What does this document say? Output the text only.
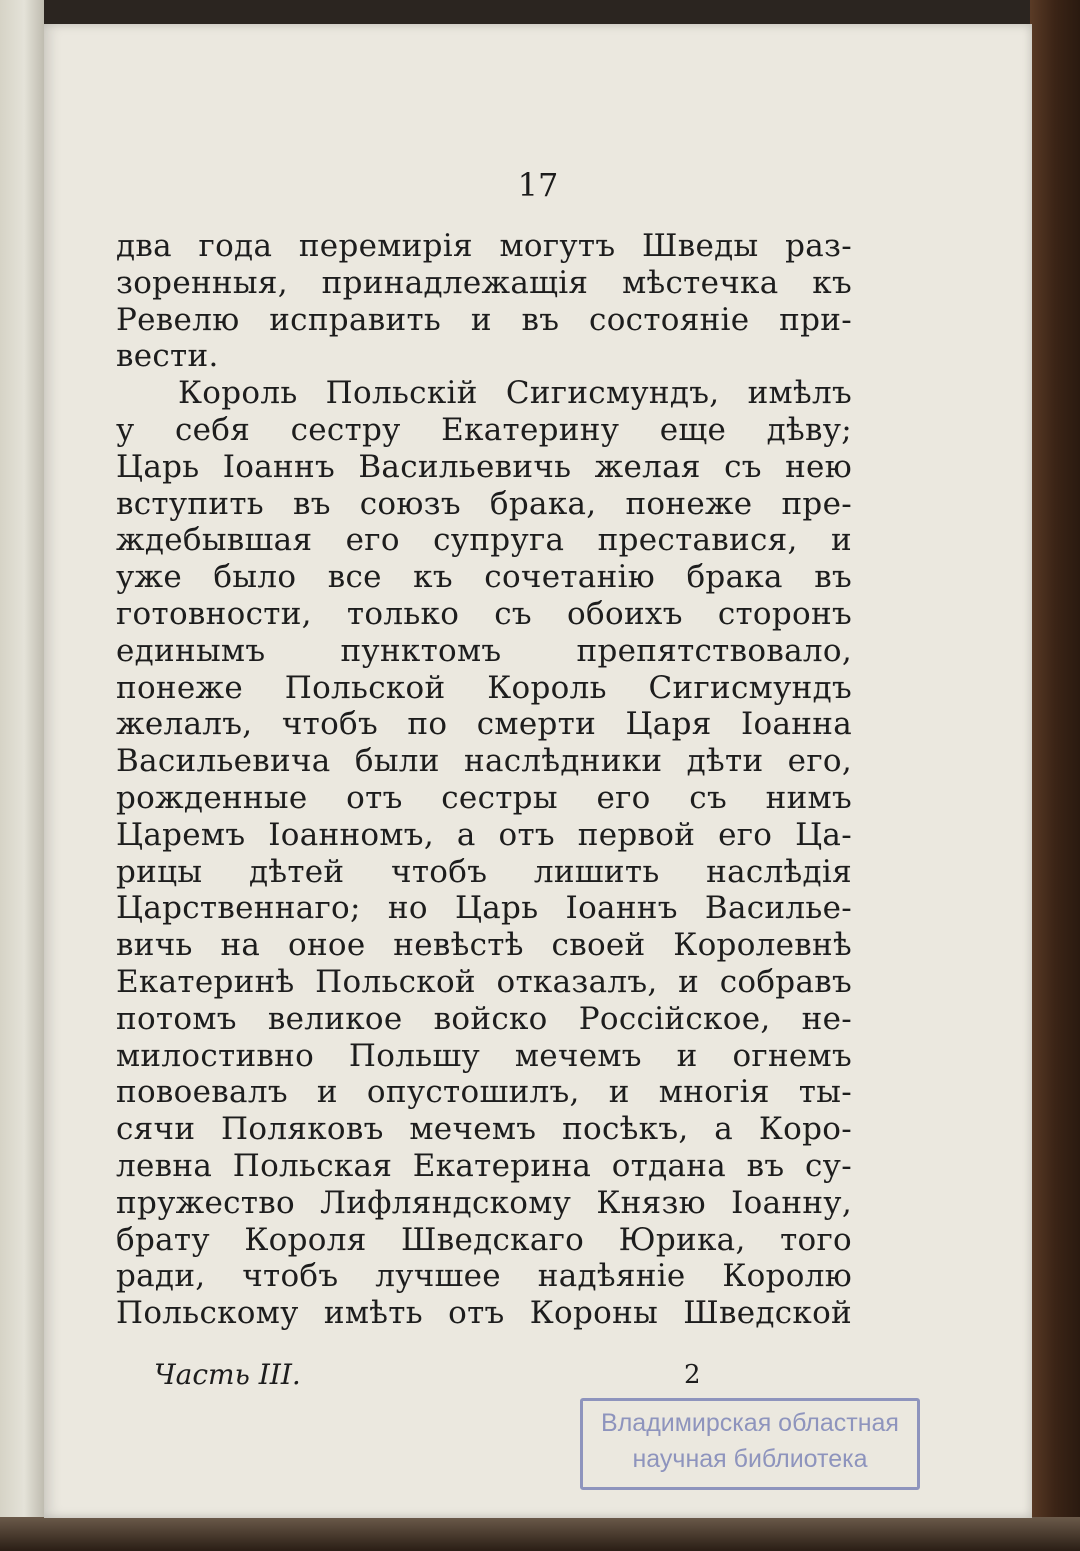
17
два года перемирія могутъ Шведы раз-
зоренныя, принадлежащія мѣстечка къ
Ревелю исправить и въ состояніе при-
вести.
Король Польскій Сигисмундъ, имѣлъ
у себя сестру Екатерину еще дѣву;
Царь Іоаннъ Васильевичь желая съ нею
вступить въ союзъ брака, понеже пре-
ждебывшая его супруга преставися, и
уже было все къ сочетанію брака въ
готовности, только съ обоихъ сторонъ
единымъ пунктомъ препятствовало,
понеже Польской Король Сигисмундъ
желалъ, чтобъ по смерти Царя Іоанна
Васильевича были наслѣдники дѣти его,
рожденные отъ сестры его съ нимъ
Царемъ Іоанномъ, а отъ первой его Ца-
рицы дѣтей чтобъ лишить наслѣдія
Царственнаго; но Царь Іоаннъ Василье-
вичь на оное невѣстѣ своей Королевнѣ
Екатеринѣ Польской отказалъ, и собравъ
потомъ великое войско Россійское, не-
милостивно Польшу мечемъ и огнемъ
повоевалъ и опустошилъ, и многія ты-
сячи Поляковъ мечемъ посѣкъ, а Коро-
левна Польская Екатерина отдана въ су-
пружество Лифляндскому Князю Іоанну,
брату Короля Шведскаго Юрика, того
ради, чтобъ лучшее надѣяніе Королю
Польскому имѣть отъ Короны Шведской
Часть III.	2
Владимирская областная
научная библиотека
